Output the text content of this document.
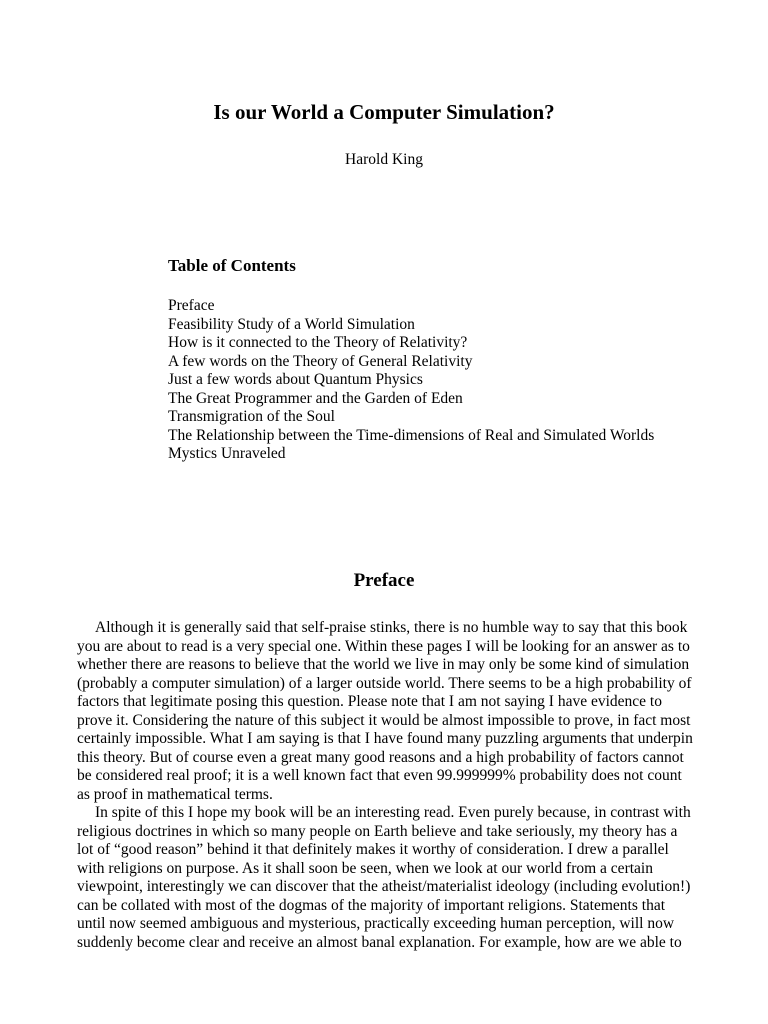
Is our World a Computer Simulation?
Harold King
Table of Contents
Preface
Feasibility Study of a World Simulation
How is it connected to the Theory of Relativity?
A few words on the Theory of General Relativity
Just a few words about Quantum Physics
The Great Programmer and the Garden of Eden
Transmigration of the Soul
The Relationship between the Time-dimensions of Real and Simulated Worlds
Mystics Unraveled
Preface

Although it is generally said that self-praise stinks, there is no humble way to say that this book you are about to read is a very special one. Within these pages I will be looking for an answer as to whether there are reasons to believe that the world we live in may only be some kind of simulation (probably a computer simulation) of a larger outside world. There seems to be a high probability of factors that legitimate posing this question. Please note that I am not saying I have evidence to prove it. Considering the nature of this subject it would be almost impossible to prove, in fact most certainly impossible. What I am saying is that I have found many puzzling arguments that underpin this theory. But of course even a great many good reasons and a high probability of factors cannot be considered real proof; it is a well known fact that even 99.999999% probability does not count as proof in mathematical terms.

In spite of this I hope my book will be an interesting read. Even purely because, in contrast with religious doctrines in which so many people on Earth believe and take seriously, my theory has a lot of “good reason” behind it that definitely makes it worthy of consideration. I drew a parallel with religions on purpose. As it shall soon be seen, when we look at our world from a certain viewpoint, interestingly we can discover that the atheist/materialist ideology (including evolution!) can be collated with most of the dogmas of the majority of important religions. Statements that until now seemed ambiguous and mysterious, practically exceeding human perception, will now suddenly become clear and receive an almost banal explanation. For example, how are we able to
